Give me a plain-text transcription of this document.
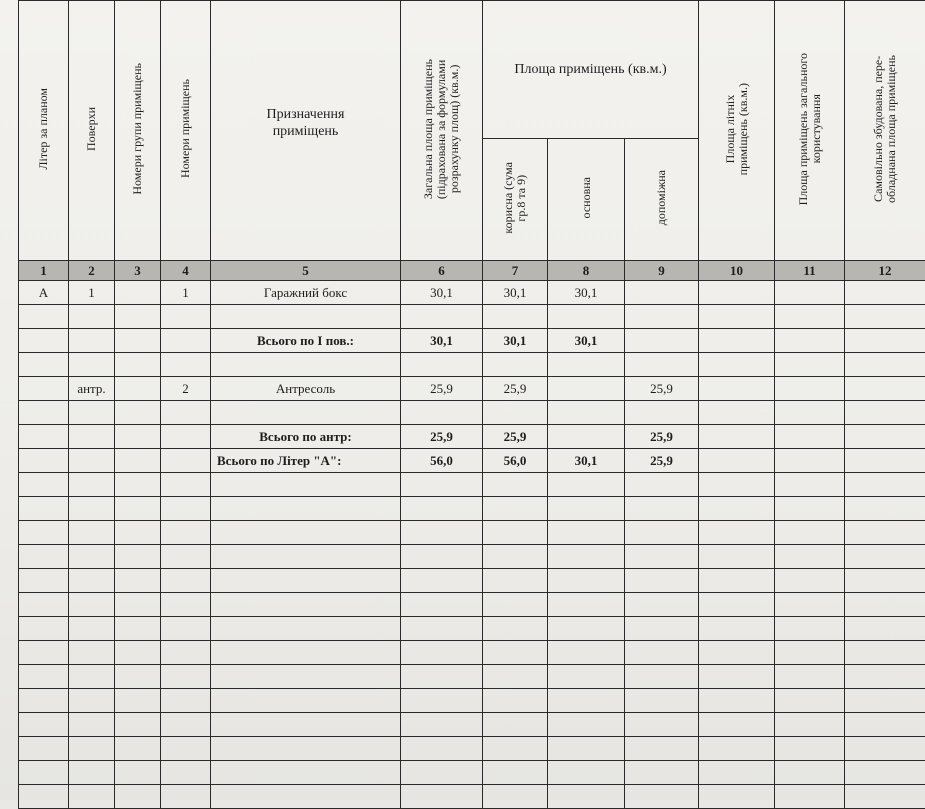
Літер за планом	Поверхи	Номери групи приміщень	Номери приміщень	Призначення
приміщень	Загальна площа приміщень
(підрахована за формулами
розрахунку площ) (кв.м.)	Площа приміщень (кв.м.)			Площа літніх
приміщень (кв.м.)	Площа приміщень загального
користування	Самовільно збудована, пере-
обладнана площа приміщень
						корисна (сума
гр.8 та 9)	основна	допоміжна			
1	2	3	4	5	6	7	8	9	10	11	12
А	1		1	Гаражний бокс	30,1	30,1	30,1				

				Всього по І пов.:	30,1	30,1	30,1				

	антр.		2	Антресоль	25,9	25,9		25,9			

				Всього по антр:	25,9	25,9		25,9			
				Всього по Літер "А":	56,0	56,0	30,1	25,9			
